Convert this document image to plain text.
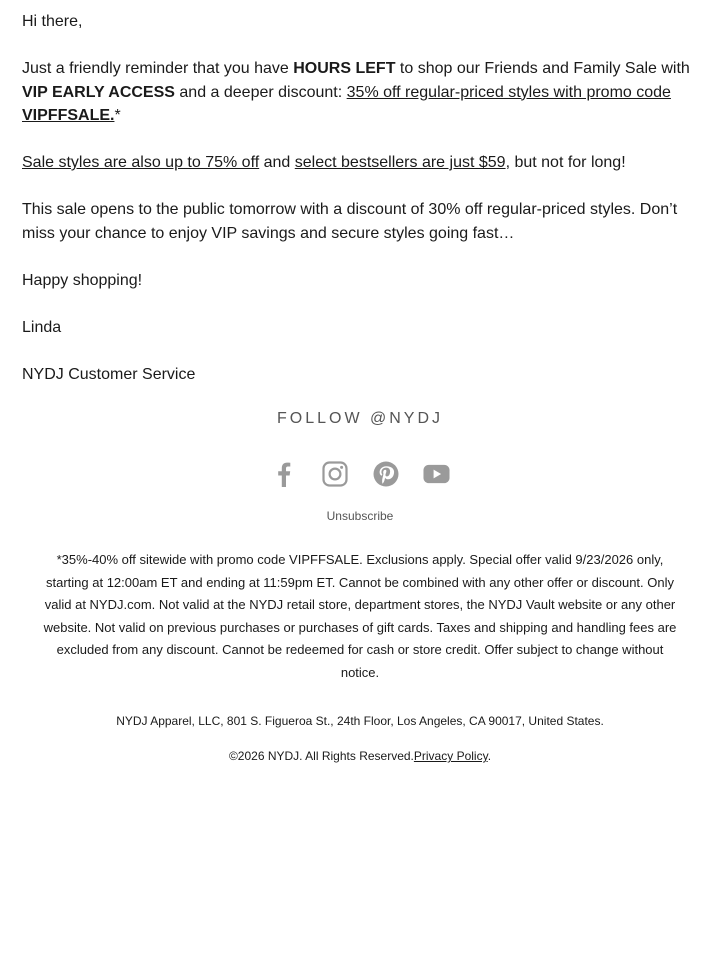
Hi there,

Just a friendly reminder that you have HOURS LEFT to shop our Friends and Family Sale with VIP EARLY ACCESS and a deeper discount: 35% off regular-priced styles with promo code VIPFFSALE.*

Sale styles are also up to 75% off and select bestsellers are just $59, but not for long!

This sale opens to the public tomorrow with a discount of 30% off regular-priced styles. Don’t miss your chance to enjoy VIP savings and secure styles going fast…

Happy shopping!

Linda

NYDJ Customer Service

FOLLOW @NYDJ
Unsubscribe
*35%-40% off sitewide with promo code VIPFFSALE. Exclusions apply. Special offer valid 9/23/2026 only, starting at 12:00am ET and ending at 11:59pm ET. Cannot be combined with any other offer or discount. Only valid at NYDJ.com. Not valid at the NYDJ retail store, department stores, the NYDJ Vault website or any other website. Not valid on previous purchases or purchases of gift cards. Taxes and shipping and handling fees are excluded from any discount. Cannot be redeemed for cash or store credit. Offer subject to change without notice.
NYDJ Apparel, LLC, 801 S. Figueroa St., 24th Floor, Los Angeles, CA 90017, United States.
©2026 NYDJ. All Rights Reserved.Privacy Policy.
